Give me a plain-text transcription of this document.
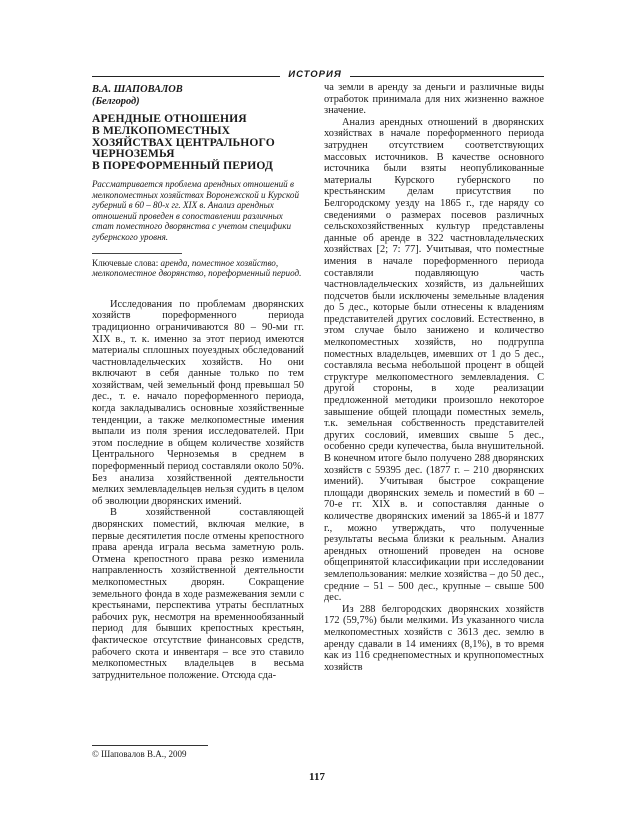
ИСТОРИЯ

В.А. ШАПОВАЛОВ

(Белгород)

АРЕНДНЫЕ ОТНОШЕНИЯ
В МЕЛКОПОМЕСТНЫХ
ХОЗЯЙСТВАХ ЦЕНТРАЛЬНОГО
ЧЕРНОЗЕМЬЯ
В ПОРЕФОРМЕННЫЙ ПЕРИОД

Рассматривается проблема арендных отношений в мелкопоместных хозяйствах Воронежской и Курской губерний в 60 – 80-х гг. XIX в. Анализ арендных отношений проведен в сопоставлении различных стат поместного дворянства с учетом специфики губернского уровня.

Ключевые слова: аренда, поместное хозяйство, мелкопоместное дворянство, пореформенный период.

Исследования по проблемам дворянских хозяйств пореформенного периода традиционно ограничиваются 80 – 90-ми гг. XIX в., т. к. именно за этот период имеются материалы сплошных поуездных обследований частновладельческих хозяйств. Но они включают в себя данные только по тем хозяйствам, чей земельный фонд превышал 50 дес., т. е. начало пореформенного периода, когда закладывались основные хозяйственные тенденции, а также мелкопоместные имения выпали из поля зрения исследователей. При этом последние в общем количестве хозяйств Центрального Черноземья в среднем в пореформенный период составляли около 50%. Без анализа хозяйственной деятельности мелких землевладельцев нельзя судить в целом об эволюции дворянских имений.

В хозяйственной составляющей дворянских поместий, включая мелкие, в первые десятилетия после отмены крепостного права аренда играла весьма заметную роль. Отмена крепостного права резко изменила направленность хозяйственной деятельности мелкопоместных дворян. Сокращение земельного фонда в ходе размежевания земли с крестьянами, перспектива утраты бесплатных рабочих рук, несмотря на временнообязанный период для бывших крепостных крестьян, фактическое отсутствие финансовых средств, рабочего скота и инвентаря – все это ставило мелкопоместных владельцев в весьма затруднительное положение. Отсюда сда-

ча земли в аренду за деньги и различные виды отработок принимала для них жизненно важное значение.

Анализ арендных отношений в дворянских хозяйствах в начале пореформенного периода затруднен отсутствием соответствующих массовых источников. В качестве основного источника были взяты неопубликованные материалы Курского губернского по крестьянским делам присутствия по Белгородскому уезду на 1865 г., где наряду со сведениями о размерах посевов различных сельскохозяйственных культур представлены данные об аренде в 322 частновладельческих хозяйствах [2; 7: 77]. Учитывая, что поместные имения в начале пореформенного периода составляли подавляющую часть частновладельческих хозяйств, из дальнейших подсчетов были исключены земельные владения до 5 дес., которые были отнесены к владениям представителей других сословий. Естественно, в этом случае было занижено и количество мелкопоместных хозяйств, но подгруппа поместных владельцев, имевших от 1 до 5 дес., составляла весьма небольшой процент в общей структуре мелкопоместного землевладения. С другой стороны, в ходе реализации предложенной методики произошло некоторое завышение общей площади поместных земель, т.к. земельная собственность представителей других сословий, имевших свыше 5 дес., особенно среди купечества, была внушительной. В конечном итоге было получено 288 дворянских хозяйств с 59395 дес. (1877 г. – 210 дворянских имений). Учитывая быстрое сокращение площади дворянских земель и поместий в 60 – 70-е гг. XIX в. и сопоставляя данные о количестве дворянских имений за 1865-й и 1877 г., можно утверждать, что полученные результаты весьма близки к реальным. Анализ арендных отношений проведен на основе общепринятой классификации при исследовании землепользования: мелкие хозяйства – до 50 дес., средние – 51 – 500 дес., крупные – свыше 500 дес.

Из 288 белгородских дворянских хозяйств 172 (59,7%) были мелкими. Из указанного числа мелкопоместных хозяйств с 3613 дес. землю в аренду сдавали в 14 имениях (8,1%), в то время как из 116 среднепоместных и крупнопоместных хозяйств

© Шаповалов В.А., 2009
117
